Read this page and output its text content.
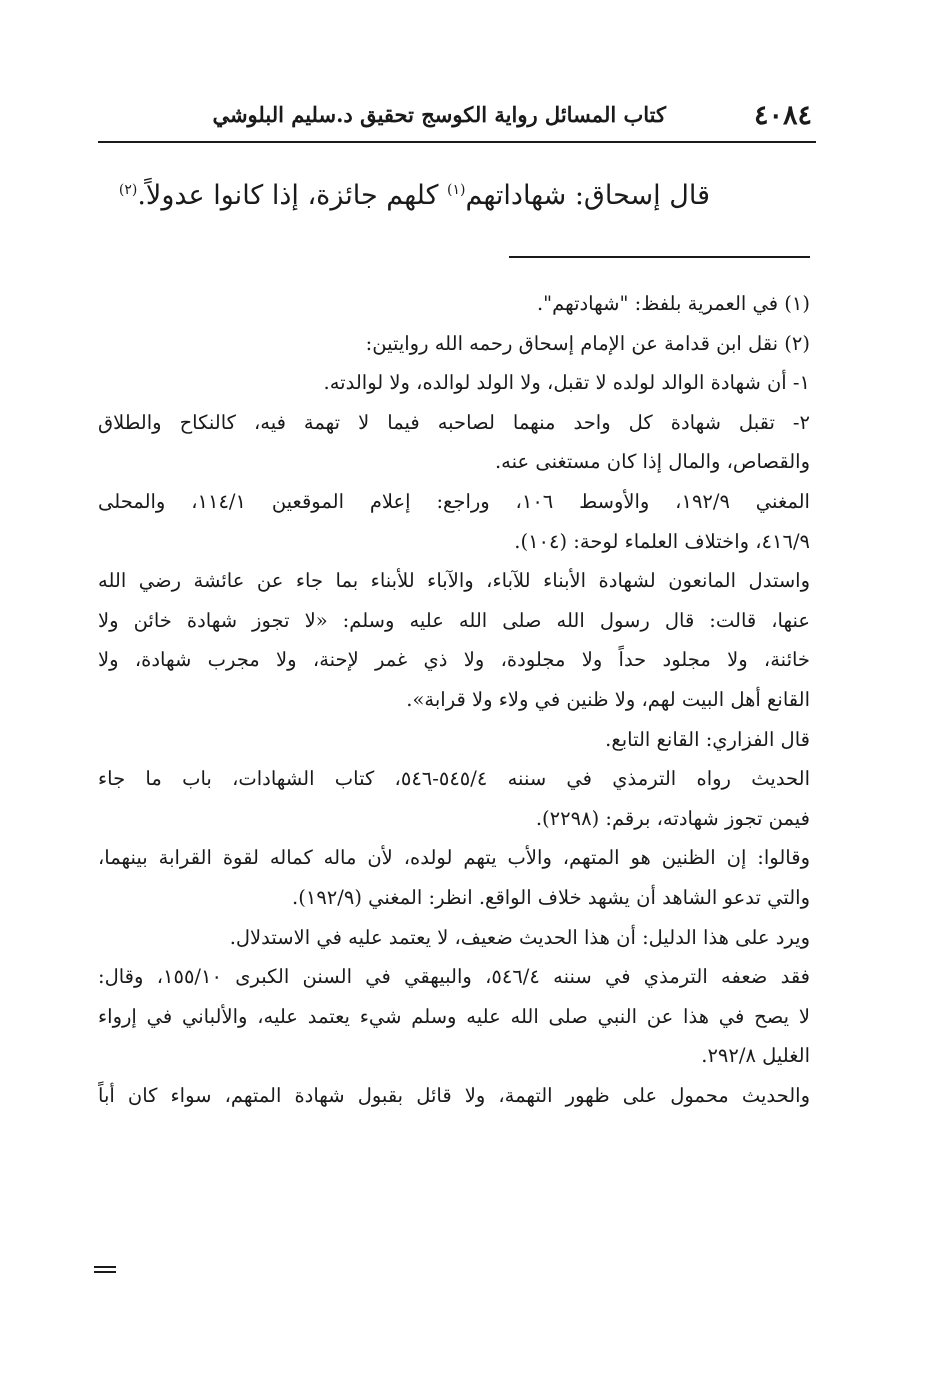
٤٠٨٤
كتاب المسائل رواية الكوسج تحقيق د.سليم البلوشي
قال إسحاق: شهاداتهم$^{(١)}$ كلهم جائزة، إذا كانوا عدولاً.$^{(٢)}$
(١) في العمرية بلفظ: "شهادتهم".
(٢) نقل ابن قدامة عن الإمام إسحاق رحمه الله روايتين:
١- أن شهادة الوالد لولده لا تقبل، ولا الولد لوالده، ولا لوالدته.
٢- تقبل شهادة كل واحد منهما لصاحبه فيما لا تهمة فيه، كالنكاح والطلاق
والقصاص، والمال إذا كان مستغنى عنه.
المغني ١٩٢/٩، والأوسط ١٠٦، وراجع: إعلام الموقعين ١١٤/١، والمحلى
٤١٦/٩، واختلاف العلماء لوحة: (١٠٤).
واستدل المانعون لشهادة الأبناء للآباء، والآباء للأبناء بما جاء عن عائشة رضي الله
عنها، قالت: قال رسول الله صلى الله عليه وسلم: «لا تجوز شهادة خائن ولا
خائنة، ولا مجلود حداً ولا مجلودة، ولا ذي غمر لإحنة، ولا مجرب شهادة، ولا
القانع أهل البيت لهم، ولا ظنين في ولاء ولا قرابة».
قال الفزاري: القانع التابع.
الحديث رواه الترمذي في سننه ٥٤٥/٤-٥٤٦، كتاب الشهادات، باب ما جاء
فيمن تجوز شهادته، برقم: (٢٢٩٨).
وقالوا: إن الظنين هو المتهم، والأب يتهم لولده، لأن ماله كماله لقوة القرابة بينهما،
والتي تدعو الشاهد أن يشهد خلاف الواقع. انظر: المغني (١٩٢/٩).
ويرد على هذا الدليل: أن هذا الحديث ضعيف، لا يعتمد عليه في الاستدلال.
فقد ضعفه الترمذي في سننه ٥٤٦/٤، والبيهقي في السنن الكبرى ١٥٥/١٠، وقال:
لا يصح في هذا عن النبي صلى الله عليه وسلم شيء يعتمد عليه، والألباني في إرواء
الغليل ٢٩٢/٨.
والحديث محمول على ظهور التهمة، ولا قائل بقبول شهادة المتهم، سواء كان أباً
